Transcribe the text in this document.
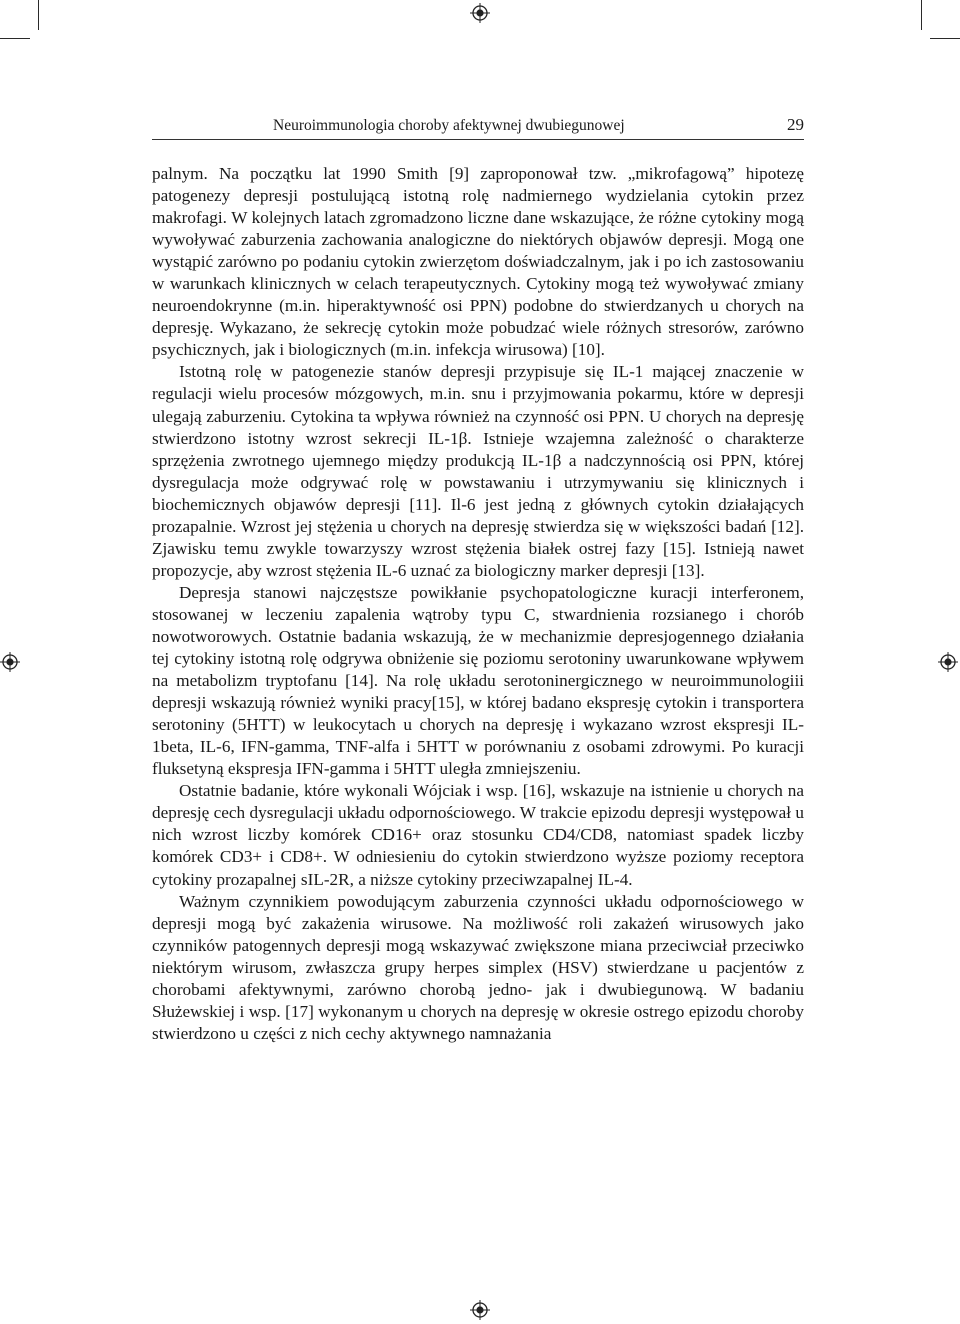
Neuroimmunologia choroby afektywnej dwubiegunowej	29

palnym. Na początku lat 1990 Smith [9] zaproponował tzw. „mikrofagową” hipotezę patogenezy depresji postulującą istotną rolę nadmiernego wydzielania cytokin przez makrofagi. W kolejnych latach zgromadzono liczne dane wskazujące, że różne cytokiny mogą wywoływać zaburzenia zachowania analogiczne do niektórych objawów depresji. Mogą one wystąpić zarówno po podaniu cytokin zwierzętom doświadczalnym, jak i po ich zastosowaniu w warunkach klinicznych w celach terapeutycznych. Cytokiny mogą też wywoływać zmiany neuroendokrynne (m.in. hiperaktywność osi PPN) podobne do stwierdzanych u chorych na depresję. Wykazano, że sekrecję cytokin może pobudzać wiele różnych stresorów, zarówno psychicznych, jak i biologicznych (m.in. infekcja wirusowa) [10].

Istotną rolę w patogenezie stanów depresji przypisuje się IL-1 mającej znaczenie w regulacji wielu procesów mózgowych, m.in. snu i przyjmowania pokarmu, które w depresji ulegają zaburzeniu. Cytokina ta wpływa również na czynność osi PPN. U chorych na depresję stwierdzono istotny wzrost sekrecji IL-1β. Istnieje wzajemna zależność o charakterze sprzężenia zwrotnego ujemnego między produkcją IL-1β a nadczynnością osi PPN, której dysregulacja może odgrywać rolę w powstawaniu i utrzymywaniu się klinicznych i biochemicznych objawów depresji [11]. Il-6 jest jedną z głównych cytokin działających prozapalnie. Wzrost jej stężenia u chorych na depresję stwierdza się w większości badań [12]. Zjawisku temu zwykle towarzyszy wzrost stężenia białek ostrej fazy [15]. Istnieją nawet propozycje, aby wzrost stężenia IL-6 uznać za biologiczny marker depresji [13].

Depresja stanowi najczęstsze powikłanie psychopatologiczne kuracji interferonem, stosowanej w leczeniu zapalenia wątroby typu C, stwardnienia rozsianego i chorób nowotworowych. Ostatnie badania wskazują, że w mechanizmie depresjogennego działania tej cytokiny istotną rolę odgrywa obniżenie się poziomu serotoniny uwarunkowane wpływem na metabolizm tryptofanu [14]. Na rolę układu serotoninergicznego w neuroimmunologiii depresji wskazują również wyniki pracy[15], w której badano ekspresję cytokin i transportera serotoniny (5HTT) w leukocytach u chorych na depresję i wykazano wzrost ekspresji IL-1beta, IL-6, IFN-gamma, TNF-alfa i 5HTT w porównaniu z osobami zdrowymi. Po kuracji fluksetyną ekspresja IFN-gamma i 5HTT uległa zmniejszeniu.

Ostatnie badanie, które wykonali Wójciak i wsp. [16], wskazuje na istnienie u chorych na depresję cech dysregulacji układu odpornościowego. W trakcie epizodu depresji występował u nich wzrost liczby komórek CD16+ oraz stosunku CD4/CD8, natomiast spadek liczby komórek CD3+ i CD8+. W odniesieniu do cytokin stwierdzono wyższe poziomy receptora cytokiny prozapalnej sIL-2R, a niższe cytokiny przeciwzapalnej IL-4.

Ważnym czynnikiem powodującym zaburzenia czynności układu odpornościowego w depresji mogą być zakażenia wirusowe. Na możliwość roli zakażeń wirusowych jako czynników patogennych depresji mogą wskazywać zwiększone miana przeciwciał przeciwko niektórym wirusom, zwłaszcza grupy herpes simplex (HSV) stwierdzane u pacjentów z chorobami afektywnymi, zarówno chorobą jedno- jak i dwubiegunową. W badaniu Służewskiej i wsp. [17] wykonanym u chorych na depresję w okresie ostrego epizodu choroby stwierdzono u części z nich cechy aktywnego namnażania
